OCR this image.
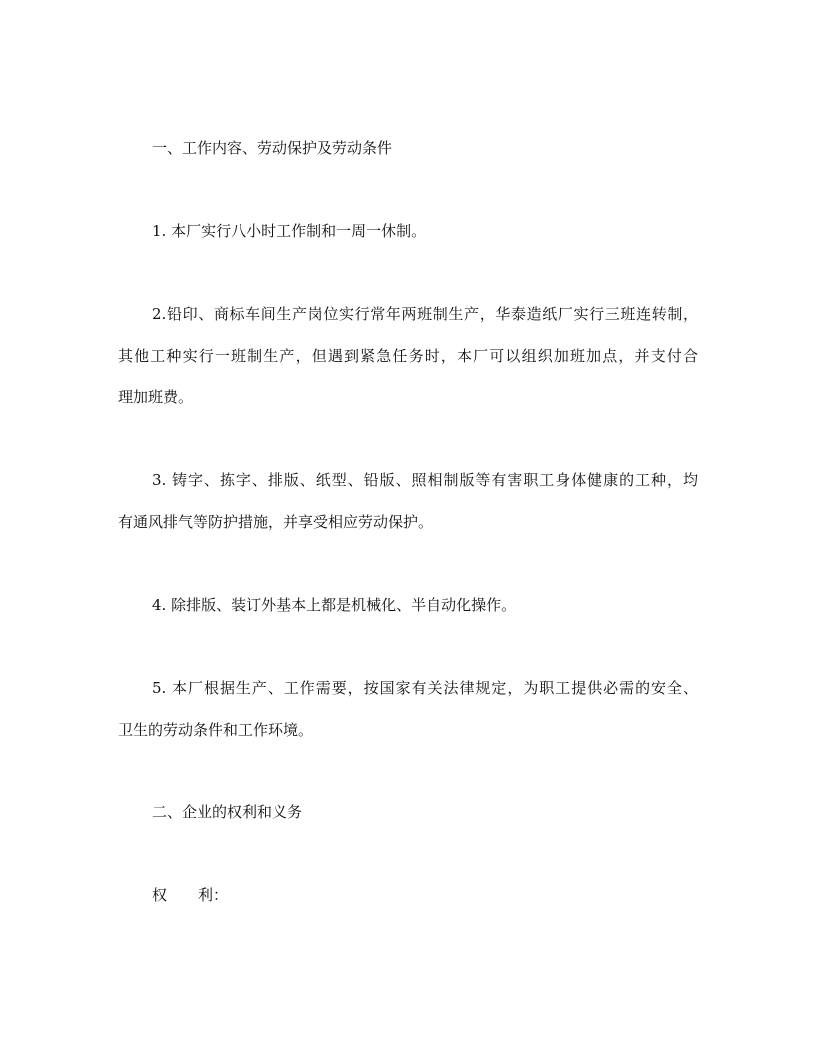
一、工作内容、劳动保护及劳动条件
1. 本厂实行八小时工作制和一周一休制。
2.铅印、商标车间生产岗位实行常年两班制生产，华泰造纸厂实行三班连转制，
其他工种实行一班制生产，但遇到紧急任务时，本厂可以组织加班加点，并支付合
理加班费。
3. 铸字、拣字、排版、纸型、铅版、照相制版等有害职工身体健康的工种，均
有通风排气等防护措施，并享受相应劳动保护。
4. 除排版、装订外基本上都是机械化、半自动化操作。
5. 本厂根据生产、工作需要，按国家有关法律规定，为职工提供必需的安全、
卫生的劳动条件和工作环境。
二、企业的权利和义务
权 利：
